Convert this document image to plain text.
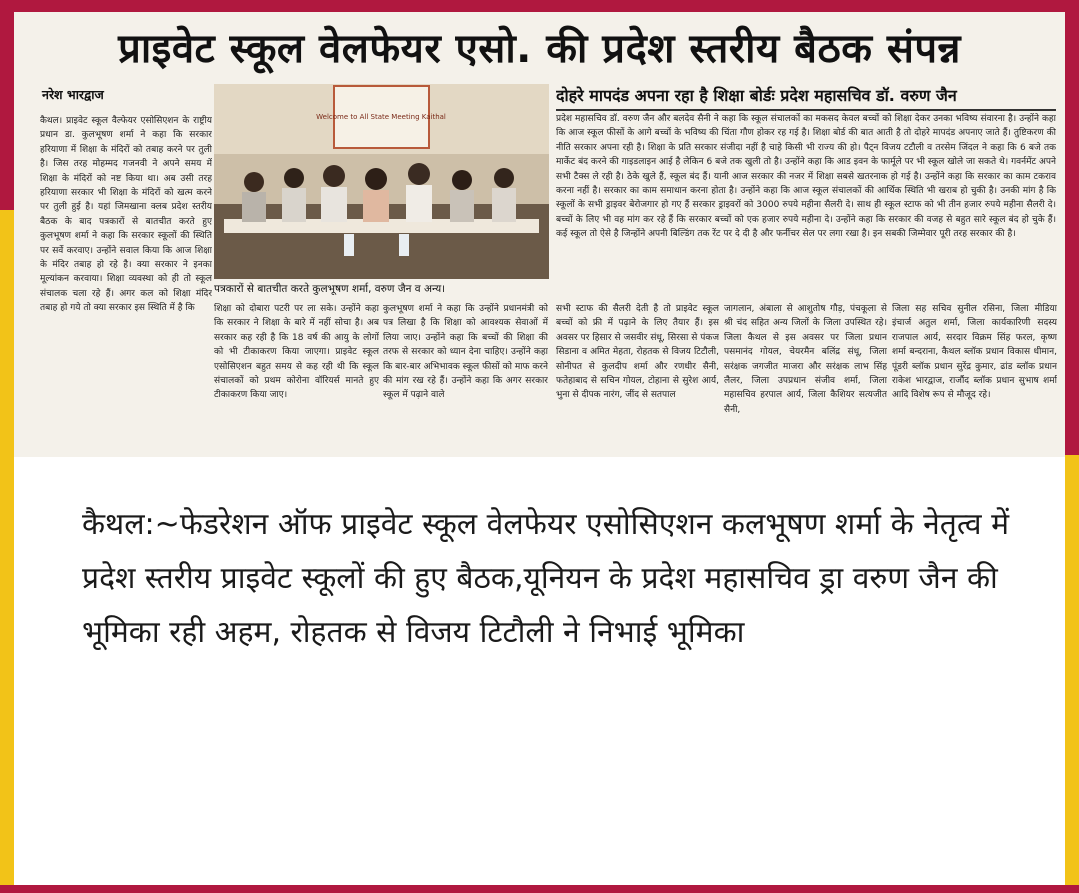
प्राइवेट स्कूल वेलफेयर एसो. की प्रदेश स्तरीय बैठक संपन्न
नरेश भारद्वाज	दोहरे मापदंड अपना रहा है शिक्षा बोर्डः प्रदेश महासचिव डॉ. वरुण जैन
Welcome to All State Meeting Kaithal
पत्रकारों से बातचीत करते कुलभूषण शर्मा, वरुण जैन व अन्य।
कैथल। प्राइवेट स्कूल वैल्फेयर एसोसिएशन के राष्ट्रीय प्रधान डा. कुलभूषण शर्मा ने कहा कि सरकार हरियाणा में शिक्षा के मंदिरों को तबाह करने पर तुली है। जिस तरह मोहम्मद गजनवी ने अपने समय में शिक्षा के मंदिरों को नष्ट किया था। अब उसी तरह हरियाणा सरकार भी शिक्षा के मंदिरों को खत्म करने पर तुली हुई है। यहां जिमखाना क्लब प्रदेश स्तरीय बैठक के बाद पत्रकारों से बातचीत करते हुए कुलभूषण शर्मा ने कहा कि सरकार स्कूलों की स्थिति पर सर्वे करवाए। उन्होंने सवाल किया कि आज शिक्षा के मंदिर तबाह हो रहे है। क्या सरकार ने इनका मूल्यांकन करवाया। शिक्षा व्यवस्था को ही तो स्कूल संचालक चला रहे हैं। अगर कल को शिक्षा मंदिर तबाह हो गये तो क्या सरकार इस स्थिति में है कि	शिक्षा को दोबारा पटरी पर ला सके। उन्होंने कहा कि सरकार ने शिक्षा के बारे में नहीं सोचा है। अब सरकार कह रही है कि 18 वर्ष की आयु के लोगों को भी टीकाकरण किया जाएगा। प्राइवेट स्कूल एसोसिएशन बहुत समय से कह रही थी कि स्कूल संचालकों को प्रथम कोरोना वॉरियर्स मानते हुए टीकाकरण किया जाए।
कुलभूषण शर्मा ने कहा कि उन्होंने प्रधानमंत्री को पत्र लिखा है कि शिक्षा को आवश्यक सेवाओं में लिया जाए। उन्होंने कहा कि बच्चों की शिक्षा की तरफ से सरकार को ध्यान देना चाहिए। उन्होंने कहा कि बार-बार अभिभावक स्कूल फीसों को माफ करने की मांग रख रहे हैं। उन्होंने कहा कि अगर सरकार स्कूल में पढ़ाने वाले
प्रदेश महासचिव डॉ. वरुण जैन और बलदेव सैनी ने कहा कि स्कूल संचालकों का मकसद केवल बच्चों को शिक्षा देकर उनका भविष्य संवारना है। उन्होंने कहा कि आज स्कूल फीसों के आगे बच्चों के भविष्य की चिंता गौण होकर रह गई है। शिक्षा बोर्ड की बात आती है तो दोहरे मापदंड अपनाए जाते हैं। तुष्टिकरण की नीति सरकार अपना रही है। शिक्षा के प्रति सरकार संजीदा नहीं है चाहे किसी भी राज्य की हो। पैट्न विजय टटौली व तरसेम जिंदल ने कहा कि 6 बजे तक मार्केट बंद करने की गाइडलाइन आई है लेकिन 6 बजे तक खुली तो है। उन्होंने कहा कि आड इवन के फार्मूले पर भी स्कूल खोले जा सकते थे। गवर्नमेंट अपने सभी टैक्स ले रही है। ठेके खुले हैं, स्कूल बंद हैं। यानी आज सरकार की नजर में शिक्षा सबसे खतरनाक हो गई है। उन्होंने कहा कि सरकार का काम टकराव करना नहीं है। सरकार का काम समाधान करना होता है। उन्होंने कहा कि आज स्कूल संचालकों की आर्थिक स्थिति भी खराब हो चुकी है। उनकी मांग है कि स्कूलों के सभी ड्राइवर बेरोजगार हो गए हैं सरकार ड्राइवरों को 3000 रुपये महीना सैलरी दे। साथ ही स्कूल स्टाफ को भी तीन हजार रुपये महीना सैलरी दे। बच्चों के लिए भी वह मांग कर रहे हैं कि सरकार बच्चों को एक हजार रुपये महीना दे। उन्होंने कहा कि सरकार की वजह से बहुत सारे स्कूल बंद हो चुके हैं। कई स्कूल तो ऐसे है जिन्होंने अपनी बिल्डिंग तक रेंट पर दे दी है और फर्नीचर सेल पर लगा रखा है। इन सबकी जिम्मेवार पूरी तरह सरकार की है।
सभी स्टाफ की सैलरी देती है तो प्राइवेट स्कूल बच्चों को फ्री में पढ़ाने के लिए तैयार हैं। इस अवसर पर हिसार से जसवीर संधू, सिरसा से पंकज सिडाना व अमित मेहता, रोहतक से विजय टिटौली, सोनीपत से कुलदीप शर्मा और रणधीर सैनी, फतेहाबाद से सचिन गोयल, टोहाना से सुरेश आर्य, भुना से दीपक नारंग, जींद से सतपाल
जागलान, अंबाला से आशुतोष गौड़, पंचकूला से श्री चंद सहित अन्य जिलों के जिला उपस्थित रहे। जिला कैथल से इस अवसर पर जिला प्रधान पसमानंद गोयल, चेयरमैन बलिंद्र संधू, जिला सरंक्षक जगजीत माजरा और सरंक्षक लाभ सिंह लैलर, जिला उपप्रधान संजीव शर्मा, जिला महासचिव हरपाल आर्य, जिला कैशियर सत्यजीत सैनी,
जिला सह सचिव सुनील रसिना, जिला मीडिया इंचार्ज अतुल शर्मा, जिला कार्यकारिणी सदस्य राजपाल आर्य, सरदार विक्रम सिंह फरल, कृष्ण शर्मा बन्दराना, कैथल ब्लॉक प्रधान विकास धीमान, पूंडरी ब्लॉक प्रधान सुरेंद्र कुमार, ढांड ब्लॉक प्रधान राकेश भारद्वाज, राजौंद ब्लॉक प्रधान सुभाष शर्मा आदि विशेष रूप से मौजूद रहे।
कैथल:~फेडरेशन ऑफ प्राइवेट स्कूल वेलफेयर एसोसिएशन कलभूषण शर्मा के नेतृत्व में प्रदेश स्तरीय प्राइवेट स्कूलों की हुए बैठक,यूनियन के प्रदेश महासचिव ड्रा वरुण जैन की भूमिका रही अहम, रोहतक से विजय टिटौली ने निभाई भूमिका
